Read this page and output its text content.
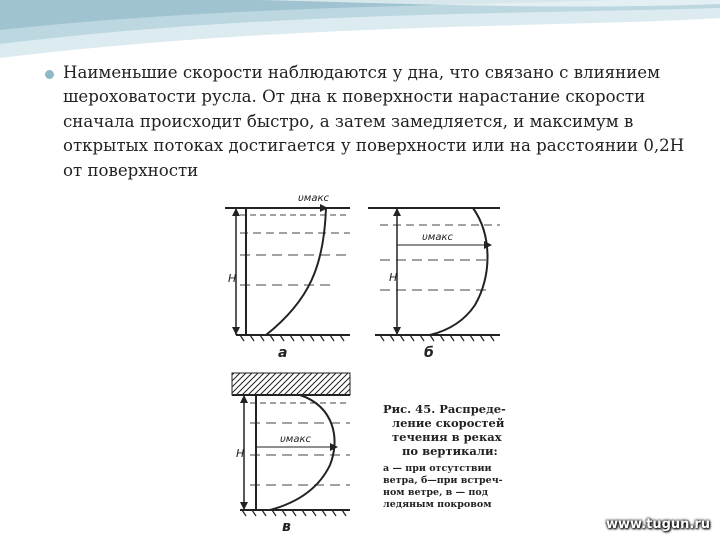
Наименьшие скорости наблюдаются у дна, что связано с влиянием шероховатости русла. От дна к поверхности нарастание скорости сначала происходит быстро, а затем замедляется, и максимум в открытых потоках достигается у поверхности или на расстоянии 0,2Н от поверхности

υмакс
H
а
υмакс
H
б
υмакс
H
в
Рис. 45. Распреде-
ление скоростей
течения в реках
по вертикали:
а — при отсутствии
ветра, б—при встреч-
ном ветре, в — под
ледяным покровом
www.tugun.ru
